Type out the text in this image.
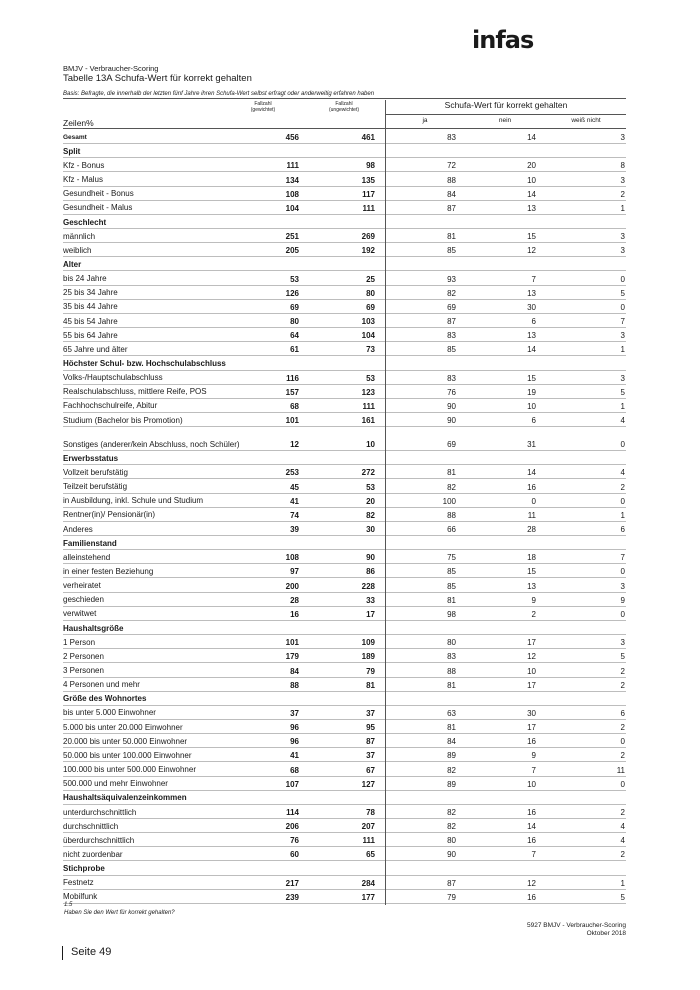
infas
BMJV - Verbraucher-Scoring
Tabelle 13A Schufa-Wert für korrekt gehalten
Basis: Befragte, die innerhalb der letzten fünf Jahre ihren Schufa-Wert selbst erfragt oder anderweitig erfahren haben
Fallzahl
(gewichtet)
Fallzahl
(ungewichtet)	Schufa-Wert für korrekt gehalten
ja	nein	weiß nicht
Zeilen%
Gesamt	456	461	83	14	3
Split
Kfz - Bonus	111	98	72	20	8
Kfz - Malus	134	135	88	10	3
Gesundheit - Bonus	108	117	84	14	2
Gesundheit - Malus	104	111	87	13	1
Geschlecht
männlich	251	269	81	15	3
weiblich	205	192	85	12	3
Alter
bis 24 Jahre	53	25	93	7	0
25 bis 34 Jahre	126	80	82	13	5
35 bis 44 Jahre	69	69	69	30	0
45 bis 54 Jahre	80	103	87	6	7
55 bis 64 Jahre	64	104	83	13	3
65 Jahre und älter	61	73	85	14	1
Höchster Schul- bzw. Hochschulabschluss
Volks-/Hauptschulabschluss	116	53	83	15	3
Realschulabschluss, mittlere Reife, POS	157	123	76	19	5
Fachhochschulreife, Abitur	68	111	90	10	1
Studium (Bachelor bis Promotion)	101	161	90	6	4
Sonstiges (anderer/kein Abschluss, noch Schüler)	12	10	69	31	0
Erwerbsstatus
Vollzeit berufstätig	253	272	81	14	4
Teilzeit berufstätig	45	53	82	16	2
in Ausbildung, inkl. Schule und Studium	41	20	100	0	0
Rentner(in)/ Pensionär(in)	74	82	88	11	1
Anderes	39	30	66	28	6
Familienstand
alleinstehend	108	90	75	18	7
in einer festen Beziehung	97	86	85	15	0
verheiratet	200	228	85	13	3
geschieden	28	33	81	9	9
verwitwet	16	17	98	2	0
Haushaltsgröße
1 Person	101	109	80	17	3
2 Personen	179	189	83	12	5
3 Personen	84	79	88	10	2
4 Personen und mehr	88	81	81	17	2
Größe des Wohnortes
bis unter 5.000 Einwohner	37	37	63	30	6
5.000 bis unter 20.000 Einwohner	96	95	81	17	2
20.000 bis unter 50.000 Einwohner	96	87	84	16	0
50.000 bis unter 100.000 Einwohner	41	37	89	9	2
100.000 bis unter 500.000 Einwohner	68	67	82	7	11
500.000 und mehr Einwohner	107	127	89	10	0
Haushaltsäquivalenzeinkommen
unterdurchschnittlich	114	78	82	16	2
durchschnittlich	206	207	82	14	4
überdurchschnittlich	76	111	80	16	4
nicht zuordenbar	60	65	90	7	2
Stichprobe
Festnetz	217	284	87	12	1
Mobilfunk	239	177	79	16	5
1.5
Haben Sie den Wert für korrekt gehalten?
5927 BMJV - Verbraucher-Scoring
Oktober 2018
Seite 49
